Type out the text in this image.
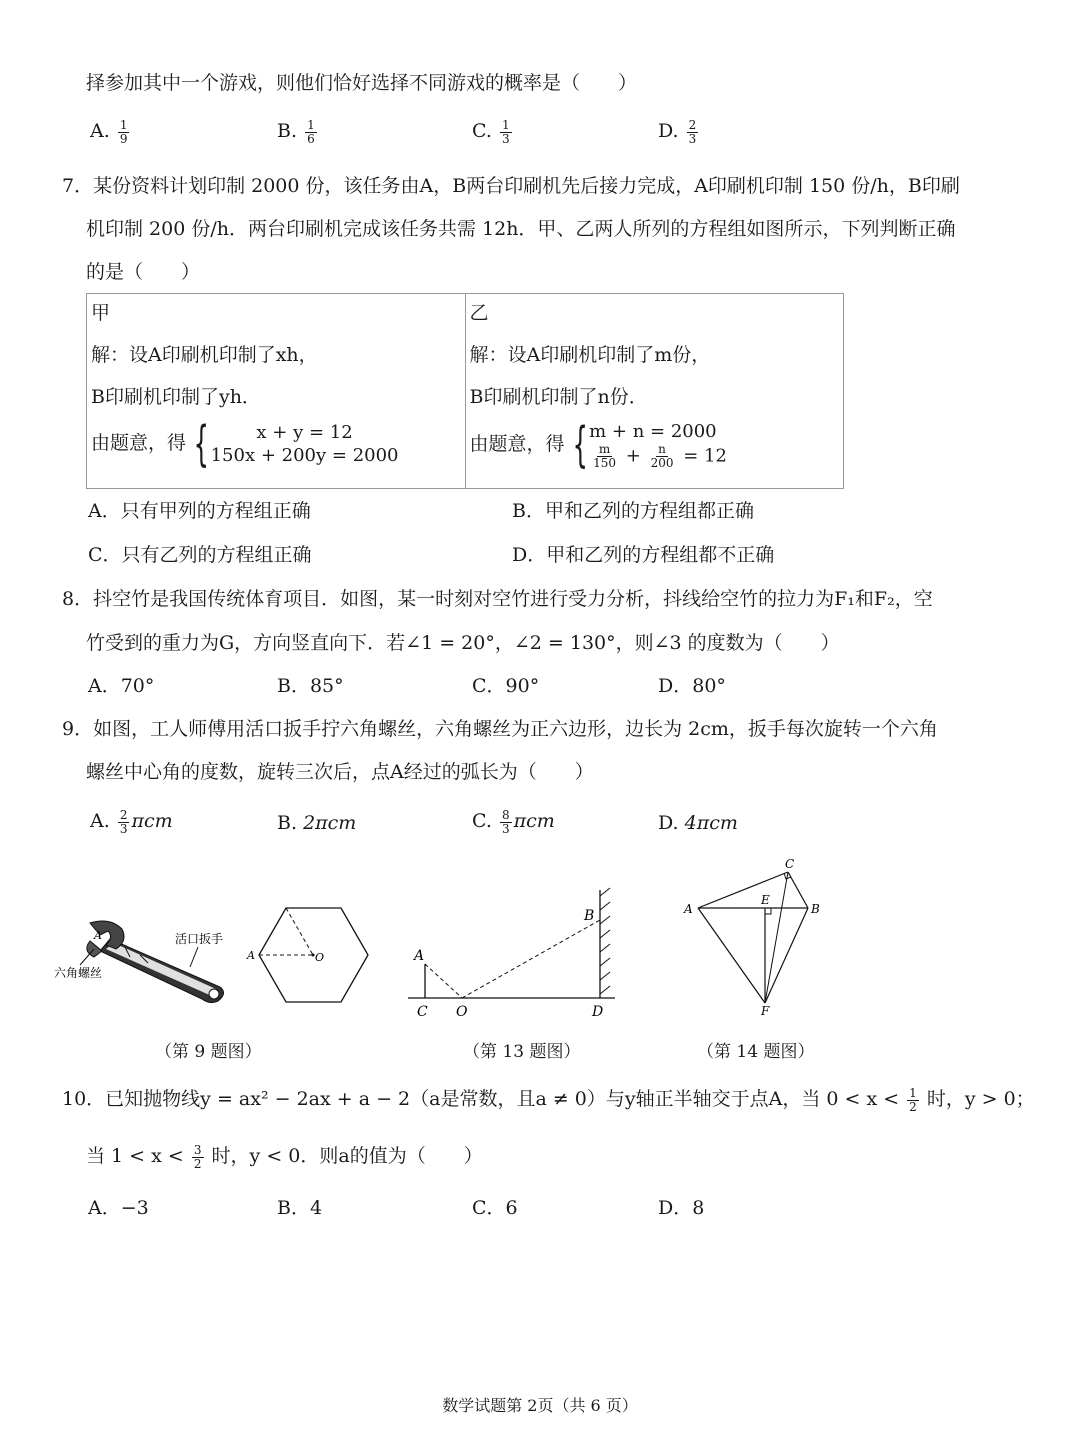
择参加其中一个游戏，则他们恰好选择不同游戏的概率是（　　）
A. $\frac{1}{9}$	B. $\frac{1}{6}$	C. $\frac{1}{3}$	D. $\frac{2}{3}$
7．某份资料计划印制 2000 份，该任务由A，B两台印刷机先后接力完成，A印刷机印制 150 份/h，B印刷
机印制 200 份/h．两台印刷机完成该任务共需 12h．甲、乙两人所列的方程组如图所示，下列判断正确
的是（　　）
甲
解：设A印刷机印制了xh，
B印刷机印制了yh．
由题意，得 {	x + y = 12
150x + 200y = 2000

乙
解：设A印刷机印制了m份，
B印刷机印制了n份．
由题意，得 { m + n = 2000
$\frac{m}{150} + \frac{n}{200} = 12$
A．只有甲列的方程组正确	B．甲和乙列的方程组都正确
C．只有乙列的方程组正确	D．甲和乙列的方程组都不正确
8．抖空竹是我国传统体育项目．如图，某一时刻对空竹进行受力分析，抖线给空竹的拉力为F₁和F₂，空
竹受到的重力为G，方向竖直向下．若∠1 = 20°，∠2 = 130°，则∠3 的度数为（　　）
A．70°	B．85°	C．90°	D．80°
9．如图，工人师傅用活口扳手拧六角螺丝，六角螺丝为正六边形，边长为 2cm，扳手每次旋转一个六角
螺丝中心角的度数，旋转三次后，点A经过的弧长为（　　）
A. $\frac{2}{3}$ πcm	B. 2πcm	C. $\frac{8}{3}$ πcm	D. 4πcm
A	活口扳手
六角螺丝
A	O	A
B
C O	D
A	B
C
E
F
（第 9 题图）	（第 13 题图）	（第 14 题图）
10．已知抛物线y = ax² − 2ax + a − 2（a是常数，且a ≠ 0）与y轴正半轴交于点A，当 $0 < x < \frac{1}{2}$ 时，y > 0；
当 $1 < x < \frac{3}{2}$ 时，y < 0．则a的值为（　　）
A．−3	B．4	C．6	D．8
数学试题第 2页（共 6 页）
